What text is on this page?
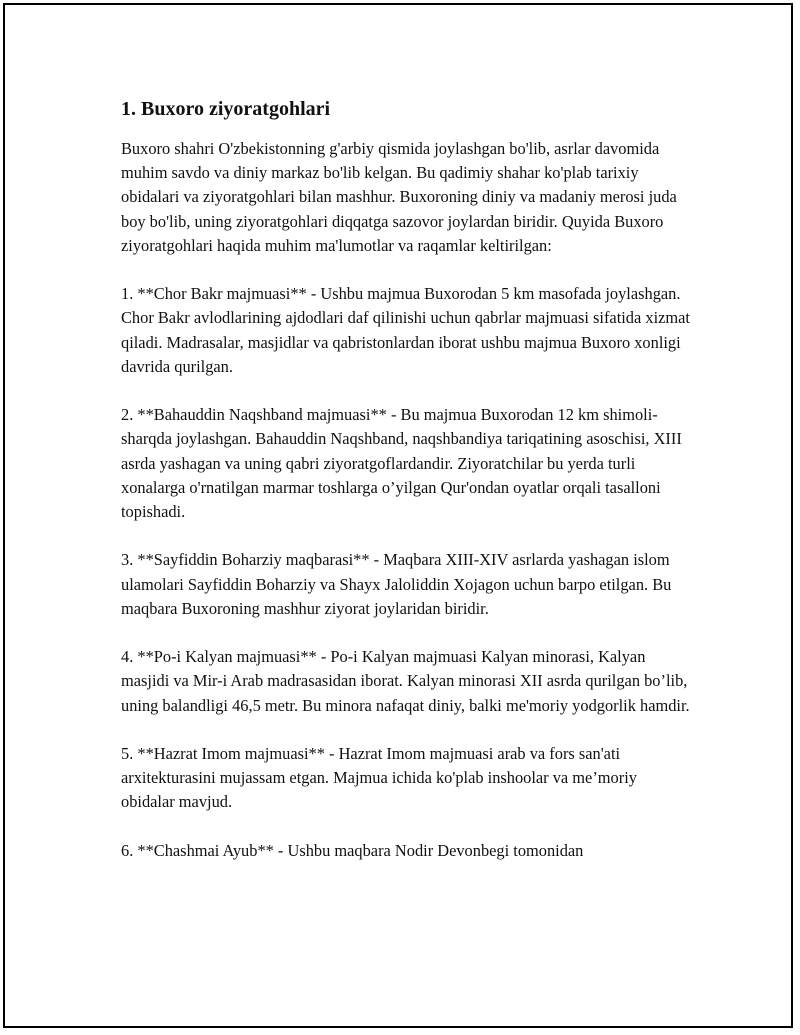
1. Buxoro ziyoratgohlari

Buxoro shahri O'zbekistonning g'arbiy qismida joylashgan bo'lib, asrlar davomida muhim savdo va diniy markaz bo'lib kelgan. Bu qadimiy shahar ko'plab tarixiy obidalari va ziyoratgohlari bilan mashhur. Buxoroning diniy va madaniy merosi juda boy bo'lib, uning ziyoratgohlari diqqatga sazovor joylardan biridir. Quyida Buxoro ziyoratgohlari haqida muhim ma'lumotlar va raqamlar keltirilgan:

1. **Chor Bakr majmuasi** - Ushbu majmua Buxorodan 5 km masofada joylashgan. Chor Bakr avlodlarining ajdodlari daf qilinishi uchun qabrlar majmuasi sifatida xizmat qiladi. Madrasalar, masjidlar va qabristonlardan iborat ushbu majmua Buxoro xonligi davrida qurilgan.

2. **Bahauddin Naqshband majmuasi** - Bu majmua Buxorodan 12 km shimoli-sharqda joylashgan. Bahauddin Naqshband, naqshbandiya tariqatining asoschisi, XIII asrda yashagan va uning qabri ziyoratgoflardandir. Ziyoratchilar bu yerda turli xonalarga o'rnatilgan marmar toshlarga o’yilgan Qur'ondan oyatlar orqali tasalloni topishadi.

3. **Sayfiddin Boharziy maqbarasi** - Maqbara XIII-XIV asrlarda yashagan islom ulamolari Sayfiddin Boharziy va Shayx Jaloliddin Xojagon uchun barpo etilgan. Bu maqbara Buxoroning mashhur ziyorat joylaridan biridir.

4. **Po-i Kalyan majmuasi** - Po-i Kalyan majmuasi Kalyan minorasi, Kalyan masjidi va Mir-i Arab madrasasidan iborat. Kalyan minorasi XII asrda qurilgan bo’lib, uning balandligi 46,5 metr. Bu minora nafaqat diniy, balki me'moriy yodgorlik hamdir.

5. **Hazrat Imom majmuasi** - Hazrat Imom majmuasi arab va fors san'ati arxitekturasini mujassam etgan. Majmua ichida ko'plab inshoolar va me’moriy obidalar mavjud.

6. **Chashmai Ayub** - Ushbu maqbara Nodir Devonbegi tomonidan
